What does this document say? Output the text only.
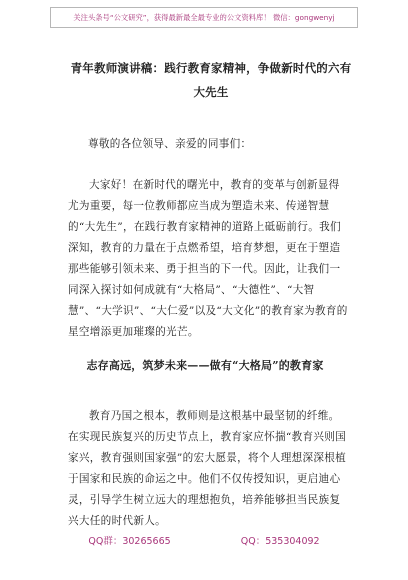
关注头条号“公文研究”，获得最新最全最专业的公文资料库！ 微信：gongwenyj
青年教师演讲稿：践行教育家精神，争做新时代的六有大先生
尊敬的各位领导、亲爱的同事们：
大家好！在新时代的曙光中，教育的变革与创新显得尤为重要，每一位教师都应当成为塑造未来、传递智慧的“大先生”，在践行教育家精神的道路上砥砺前行。我们深知，教育的力量在于点燃希望，培育梦想，更在于塑造那些能够引领未来、勇于担当的下一代。因此，让我们一同深入探讨如何成就有“大格局”、“大德性”、“大智慧”、“大学识”、“大仁爱”以及“大文化”的教育家为教育的星空增添更加璀璨的光芒。
志存高远，筑梦未来——做有“大格局”的教育家
教育乃国之根本，教师则是这根基中最坚韧的纤维。在实现民族复兴的历史节点上，教育家应怀揣“教育兴则国家兴，教育强则国家强”的宏大愿景，将个人理想深深根植于国家和民族的命运之中。他们不仅传授知识，更启迪心灵，引导学生树立远大的理想抱负，培养能够担当民族复兴大任的时代新人。
QQ群：30265665	QQ：535304092
